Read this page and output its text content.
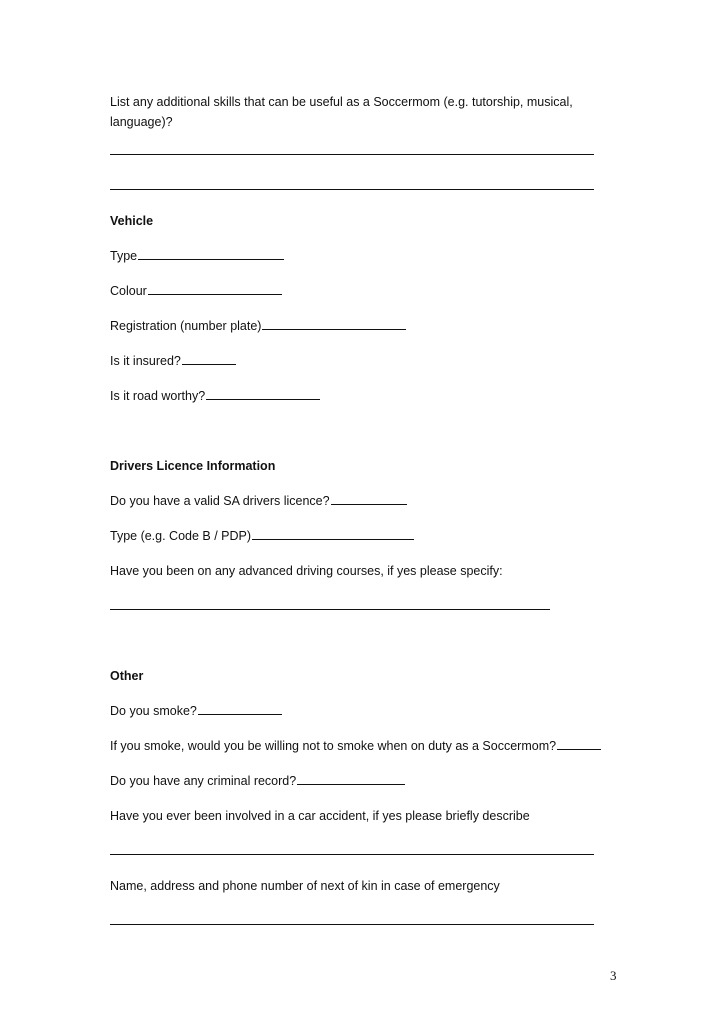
List any additional skills that can be useful as a Soccermom (e.g. tutorship, musical, language)?
Vehicle
Type
Colour
Registration (number plate)
Is it insured?
Is it road worthy?
Drivers Licence Information
Do you have a valid SA drivers licence?
Type (e.g. Code B / PDP)
Have you been on any advanced driving courses, if yes please specify:
Other
Do you smoke?
If you smoke, would you be willing not to smoke when on duty as a Soccermom?
Do you have any criminal record?
Have you ever been involved in a car accident, if yes please briefly describe
Name, address and phone number of next of kin in case of emergency
3
